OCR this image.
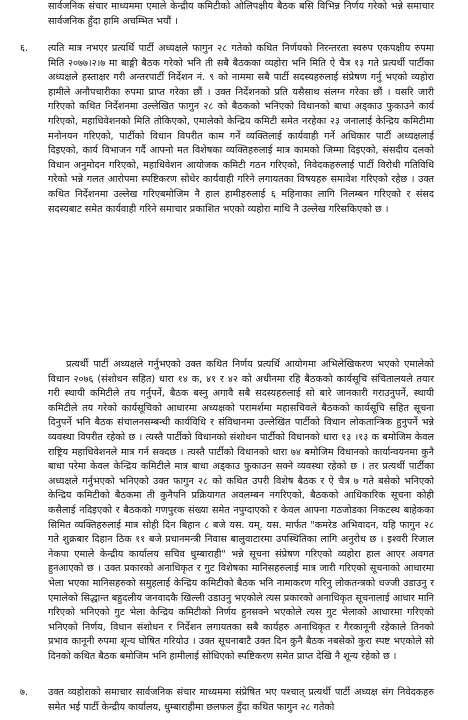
सार्वजनिक संचार माध्यममा एमाले केन्द्रीय कमिटीको ओलिपक्षीय बैठक बसि विभिन्न निर्णय गरेको भन्ने समाचार सार्वजनिक हुँदा हामि अचम्भित भयौं ।

६.	त्यति मात्र नभएर प्रत्यर्थि पार्टी अध्यक्षले फागुन २८ गतेको कथित निर्णयको निरन्तरता स्वरुप एकपक्षीय रुपमा मिति २०७७।२।७ मा बाङ्गी बैठक गरेको भनि ती सबै बैठकका व्यहोरा भनि मिति ऐ चैत्र १३ गते प्रत्यर्थी पार्टीका अध्यक्षले हस्ताक्षर गरी अन्तरपार्टी निर्देशन नं. ९ को नाममा सबै पार्टी सदस्यहरुलाई संप्रेषण गर्नु भएको व्यहोरा हामीले अनौपचारीका रुपमा प्राप्त गरेका छौं । उक्त निर्देशनको प्रति यसैसाथ संलग्न गरेका छौं । यसरि जारी गरिएको कथित निर्देशनमा उल्लेखित फागुन २८ को बैठकको भनिएको विधानको बाधा अड्काउ फुकाउने कार्य गरिएको, महाधिवेशनको मिति तोकिएको, एमालेको केन्द्रिय कमिटी समेत नरहेका २३ जनालाई केन्द्रिय कमिटीमा मनोनयन गरिएको, पार्टीको विधान विपरीत काम गर्ने व्यक्तिलाई कार्यवाही गर्ने अधिकार पार्टी अध्यक्षलाई दिइएको, कार्य विभाजन गर्दै आफ्नो मत विशेषका व्यक्तिहरुलाई मात्र कामको जिम्मा दिइएको, संसदीय दलको विधान अनुमोदन गरिएको, महाधिवेशन आयोजक कमिटी गठन गरिएको, निवेदकहरुलाई पार्टी विरोधी गतिविधि गरेको भन्ने गलत आरोपमा स्पष्टिकरण सोधेर कार्यवाही गरिने लगायतका विषयहरु समावेश गरिएको रहेछ । उक्त कथित निर्देशनमा उल्लेख गरिएबमोजिम नै हाल हामीहरुलाई ६ महिनाका लागि निलम्बन गरिएको र संसद सदस्यबाट समेत कार्यवाही गरिने समाचार प्रकाशित भएको व्यहोरा माथि नै उल्लेख गरिसकिएको छ ।

प्रत्यर्थी पार्टी अध्यक्षले गर्नुभएको उक्त कथित निर्णय प्रत्यर्थि आयोगमा अभिलेखिकरण भएको एमालेको विधान २०७६ (संशोधन सहित) धारा १४ क, ४१ र ४२ को अधीनमा रहि बैठकको कार्यसूचि संचितालयले तयार गरी स्थायी कमिटीले तय गर्नुपर्ने, बैठक बस्नु अगावै सबै सदस्यहरुलाई सो बारे जानकारी गराउनुपर्ने, स्थायी कमिटीले तय गरेको कार्यसूचिको आधारमा अध्यक्षको परामर्शमा महासचिवले बैठकको कार्यसूचि सहित सूचना दिनुपर्ने भनि बैठक संचालनसम्बन्धी कार्यविधि र संविधानमा उल्लेखित पार्टीको विधान लोकतान्त्रिक हुनुपर्ने भन्ने व्यवस्था विपरीत रहेको छ । त्यस्तै पार्टीको विधानको संशोधन पार्टीको विधानको धारा १३ ।१३ क बमोजिम केवल राष्ट्रिय महाधिवेशनले मात्र गर्न सक्दछ । त्यस्तै पार्टीको विधानको धारा ७४ बमोजिम विधानको कार्यान्वयनमा कुनै बाधा परेमा केवल केन्द्रिय कमिटीले मात्र बाधा अड्काउ फुकाउन सक्ने व्यवस्था रहेको छ । तर प्रत्यर्थी पार्टीका अध्यक्षले गर्नुभएको भनिएको उक्त फागुन २८ को कथित उपरी विशेष बैठक र ऐ चैत्र ७ गते बसेको भनिएको केन्द्रिय कमिटीको बैठकमा ती कुनैपनि प्रक्रियागत अवलम्बन नगरिएको, बैठकको आधिकारिक सूचना कोही कसैलाई नदिइएको र बैठकको गणपुरक संख्या समेत नपुग्दाएको र केवल आफ्ना गठजोडका निकटस्थ बाहेकका सिमित व्यक्तिहरुलाई मात्र सोही दिन बिहान ८ बजे यस. यम्. यस. मार्फत "कमरेड अभिवादन, यहि फागुन २८ गते शुक्रबार दिहान ठिक ११ बजे प्रधानमन्त्री निवास बालुवाटारमा उपस्थितिका लागि अनुरोध छ । इश्वरी रिजाल नेकपा एमाले केन्द्रीय कार्यालय सचिव धुम्बाराही" भन्ने सूचना संप्रेषण गरिएको व्यहोरा हाल आएर अवगत हुनआएको छ । उक्त प्रकारको अनाधिकृत र गुट विशेषका मानिसहरुलाई मात्र जारी गरिएको सूचनाको आधारमा भेला भएका मानिसहरुको समुहलाई केन्द्रिय कमिटीको बैठक भनि नामाकरण गरिनु लोकतन्त्रको धज्जी उडाउनु र एमालेको सिद्धान्त बहुदलीय जनवादकै खिल्ली उडाउनु भएकोले त्यस प्रकारको अनाधिकृत सूचनालाई आधार मानि गरिएको भनिएको गुट भेला केन्द्रिय कमिटीको निर्णय हुनसक्ने भएकोले त्यस गुट भेलाको आधारमा गरिएको भनिएको निर्णय, विधान संशोधन र निर्देशन लगायतका सबै कार्यहरु अनाधिकृत र गैरकानूनी रहेकाले तिनको प्रभाव कानूनी रुपमा शून्य घोषित गरियोउ । उक्त सूचनाबाटै उक्त दिन कुनै बैठक नबसेको कुरा स्पष्ट भएकोले सो दिनको कथित बैठक बमोजिम भनि हामीलाई सोधिएको स्पष्टिकरण समेत प्राप्त देखि नै शून्य रहेको छ ।

७.	उक्त व्यहोराको समाचार सार्वजनिक संचार माध्यममा संप्रेषित भए पश्चात् प्रत्यर्थी पार्टी अध्यक्ष संग निवेदकहरु समेत भई पार्टी केन्द्रीय कार्यालय, धुम्बाराहीमा छलफल हुँदा कथित फागुन २८ गतेको
